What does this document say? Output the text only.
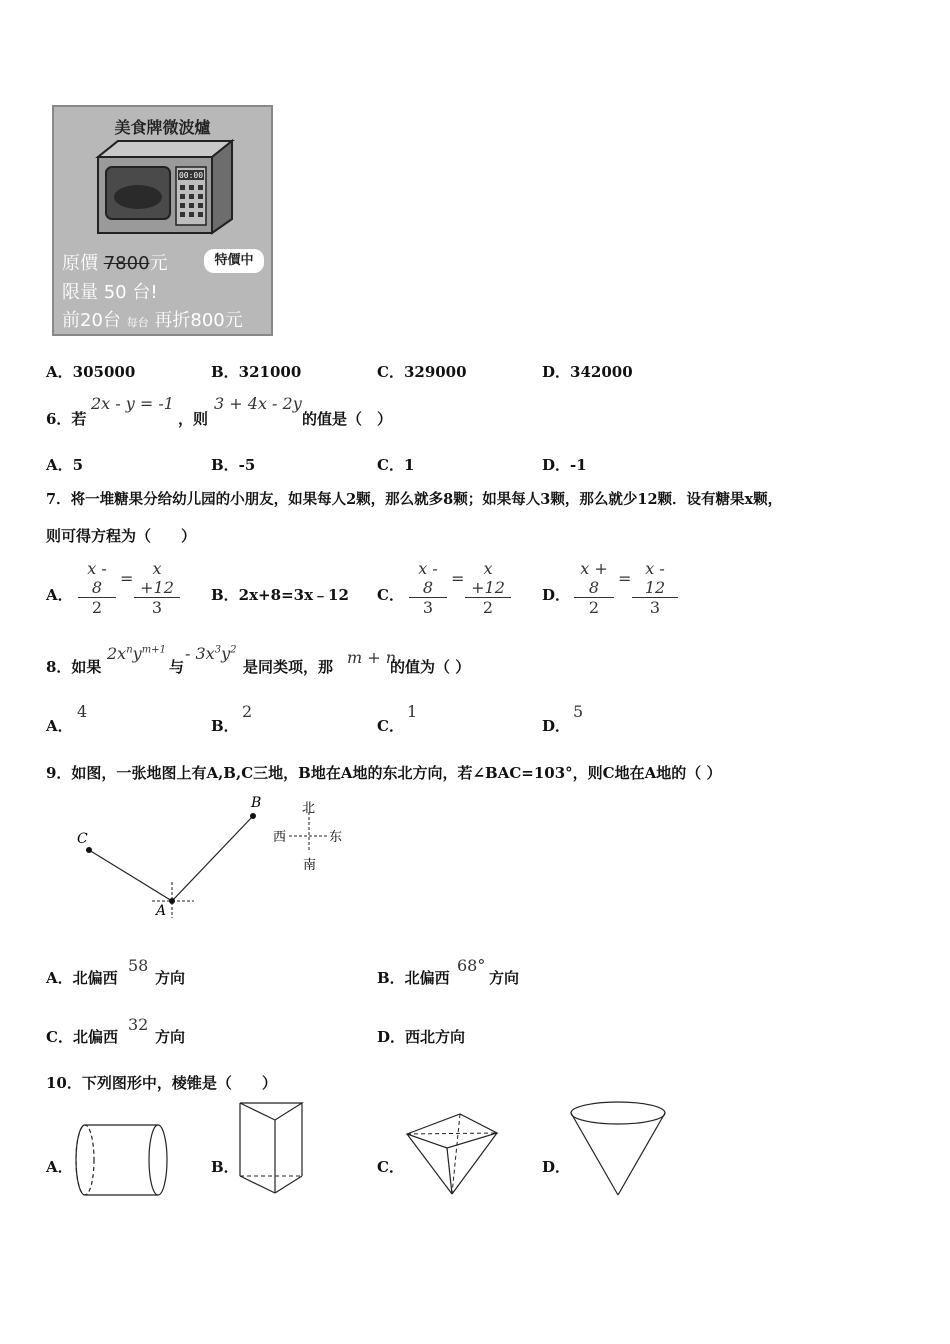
美食牌微波爐
00:00
原價 7800元	特價中
限量 50 台!
前20台 每台 再折800元
A．305000	B．321000	C．329000	D．342000
6．若
2x - y = -1
，则
3 + 4x - 2y
的值是（　）
A．5	B．-5	C．1	D．-1
7．将一堆糖果分给幼儿园的小朋友，如果每人2颗，那么就多8颗；如果每人3颗，那么就少12颗．设有糖果x颗，
则可得方程为（　　）
A． $\frac{x - 8}{2} = \frac{x +12}{3}$ B．2x+8=3x﹣12 C． $\frac{x - 8}{3} = \frac{x +12}{2}$ D． $\frac{x + 8}{2} = \frac{x - 12}{3}$
8．如果
$2x^ny^{m+1}$
与
- $3x^3y^2$
是同类项，那 m + n
的值为（ ）
A．
4
B．
2
C．
1
D．
5
9．如图，一张地图上有A,B,C三地，B地在A地的东北方向，若∠BAC=103°，则C地在A地的（ ）
C
B
A
北
南
西	东
A．北偏西
58
方向	B．北偏西
68°
方向
C．北偏西
32
方向	D．西北方向
10．下列图形中，棱锥是（　　）
A．	B．	C．	D．
